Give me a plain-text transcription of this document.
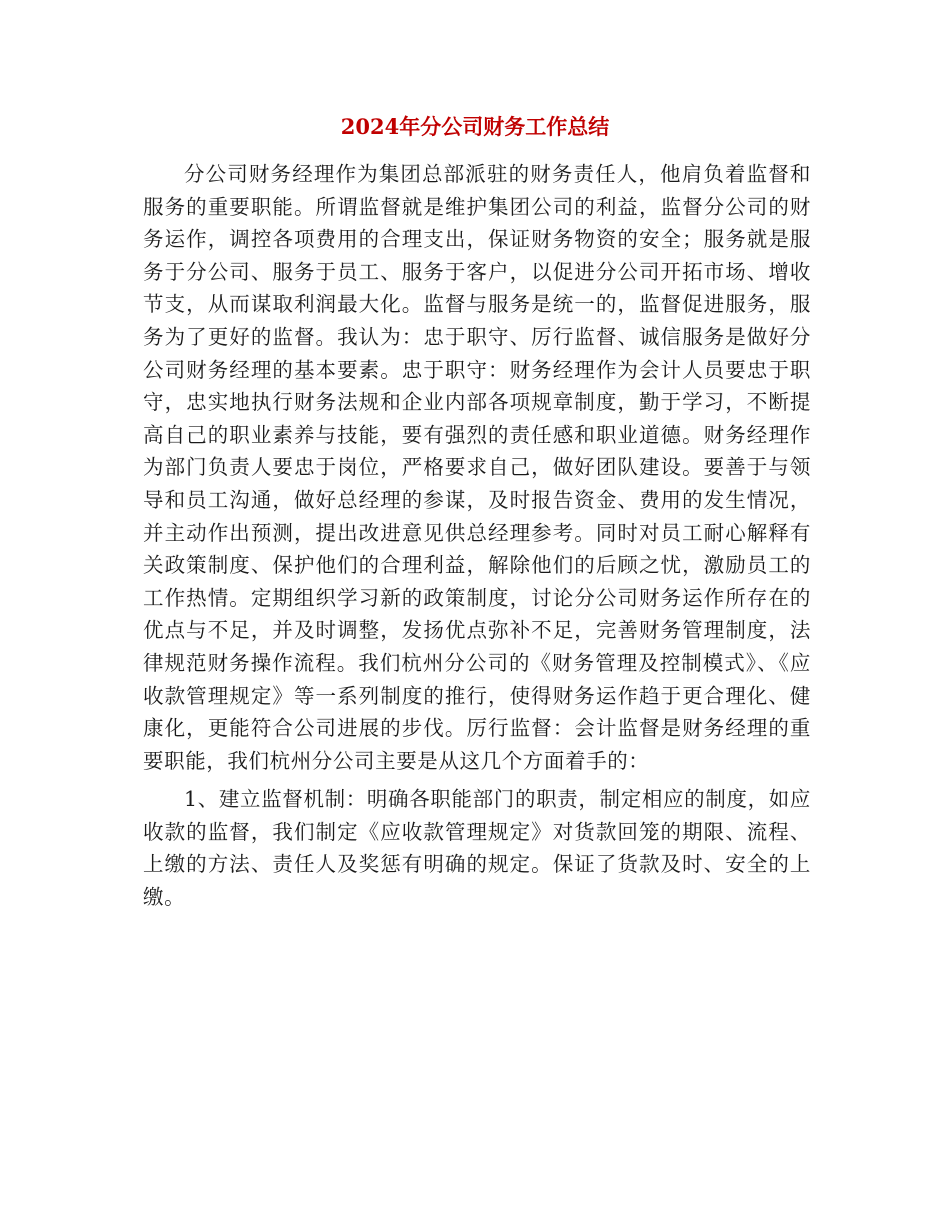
2024年分公司财务工作总结

分公司财务经理作为集团总部派驻的财务责任人，他肩负着监督和服务的重要职能。所谓监督就是维护集团公司的利益，监督分公司的财务运作，调控各项费用的合理支出，保证财务物资的安全；服务就是服务于分公司、服务于员工、服务于客户，以促进分公司开拓市场、增收节支，从而谋取利润最大化。监督与服务是统一的，监督促进服务，服务为了更好的监督。我认为：忠于职守、厉行监督、诚信服务是做好分公司财务经理的基本要素。忠于职守：财务经理作为会计人员要忠于职守，忠实地执行财务法规和企业内部各项规章制度，勤于学习，不断提高自己的职业素养与技能，要有强烈的责任感和职业道德。财务经理作为部门负责人要忠于岗位，严格要求自己，做好团队建设。要善于与领导和员工沟通，做好总经理的参谋，及时报告资金、费用的发生情况，并主动作出预测，提出改进意见供总经理参考。同时对员工耐心解释有关政策制度、保护他们的合理利益，解除他们的后顾之忧，激励员工的工作热情。定期组织学习新的政策制度，讨论分公司财务运作所存在的优点与不足，并及时调整，发扬优点弥补不足，完善财务管理制度，法律规范财务操作流程。我们杭州分公司的《财务管理及控制模式》、《应收款管理规定》等一系列制度的推行，使得财务运作趋于更合理化、健康化，更能符合公司进展的步伐。厉行监督：会计监督是财务经理的重要职能，我们杭州分公司主要是从这几个方面着手的：

1、建立监督机制：明确各职能部门的职责，制定相应的制度，如应收款的监督，我们制定《应收款管理规定》对货款回笼的期限、流程、上缴的方法、责任人及奖惩有明确的规定。保证了货款及时、安全的上缴。
